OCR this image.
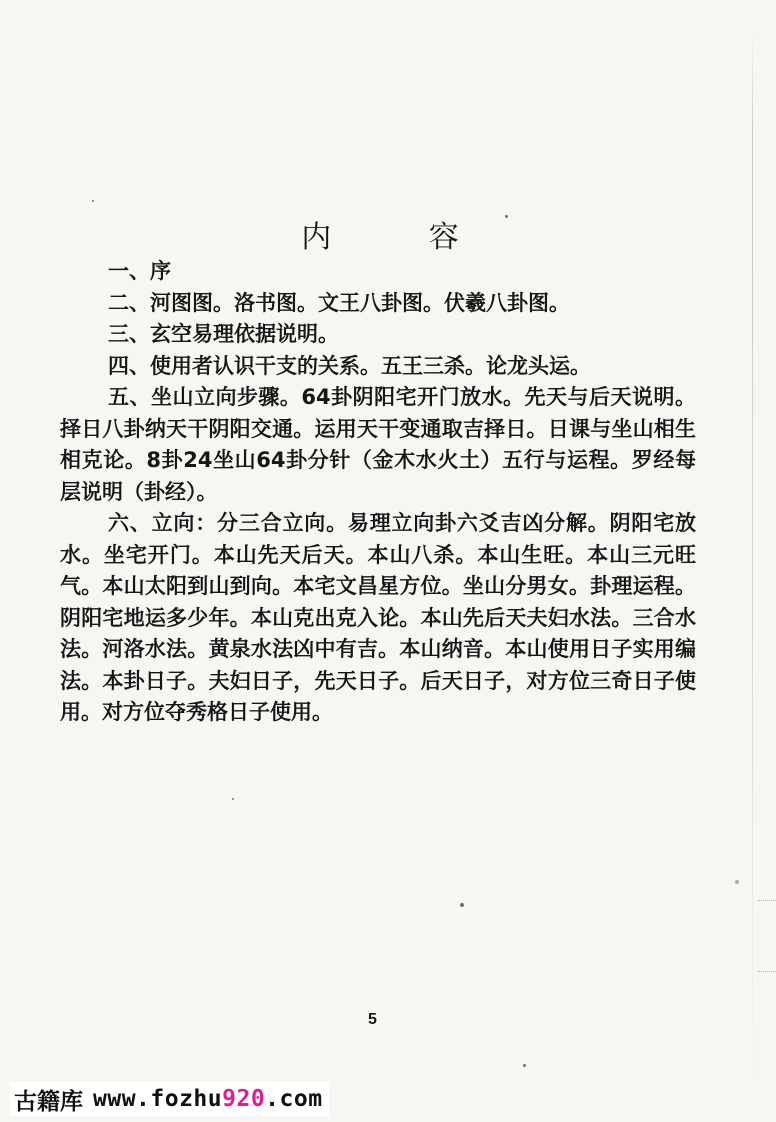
内 容
一、序
二、河图图。洛书图。文王八卦图。伏羲八卦图。
三、玄空易理依据说明。
四、使用者认识干支的关系。五王三杀。论龙头运。
五、坐山立向步骤。64卦阴阳宅开门放水。先天与后天说明。择日八卦纳天干阴阳交通。运用天干变通取吉择日。日课与坐山相生相克论。8卦24坐山64卦分针（金木水火土）五行与运程。罗经每层说明（卦经）。
六、立向：分三合立向。易理立向卦六爻吉凶分解。阴阳宅放水。坐宅开门。本山先天后天。本山八杀。本山生旺。本山三元旺气。本山太阳到山到向。本宅文昌星方位。坐山分男女。卦理运程。阴阳宅地运多少年。本山克出克入论。本山先后天夫妇水法。三合水法。河洛水法。黄泉水法凶中有吉。本山纳音。本山使用日子实用编法。本卦日子。夫妇日子，先天日子。后天日子，对方位三奇日子使用。对方位夺秀格日子使用。
5
古籍库 www.fozhu 920 .com
